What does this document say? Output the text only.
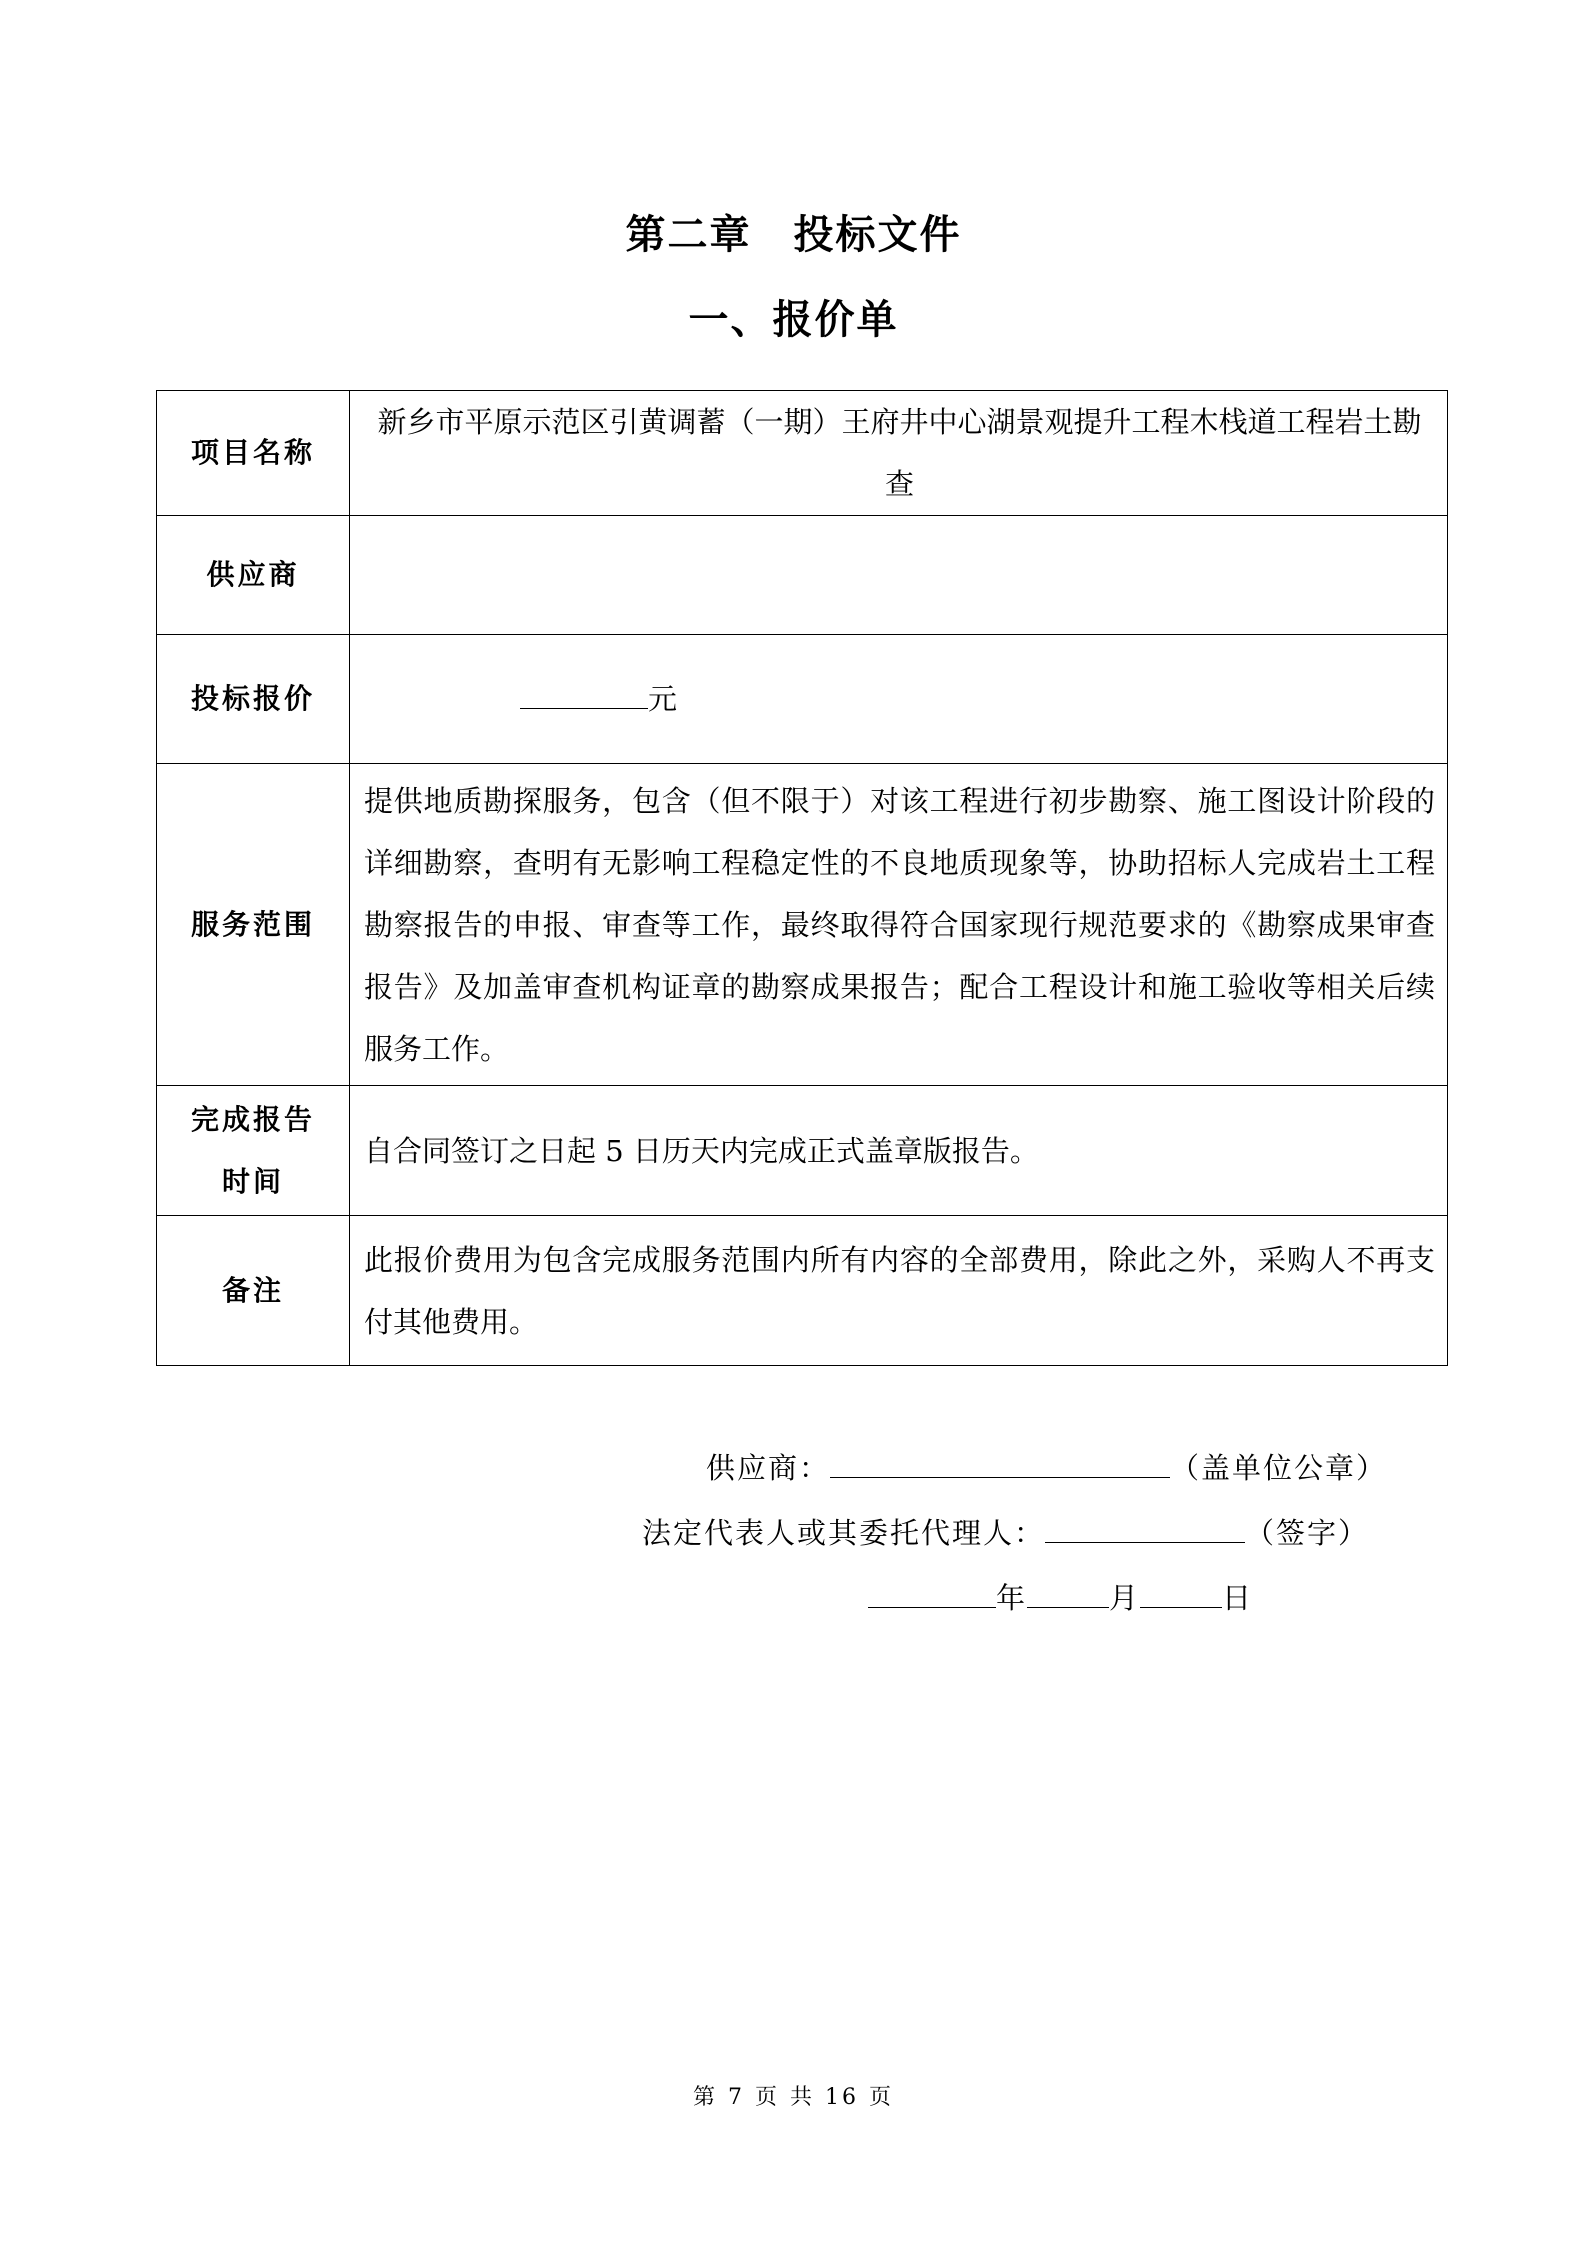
第二章　投标文件
一、报价单
项目名称	新乡市平原示范区引黄调蓄（一期）王府井中心湖景观提升工程木栈道工程岩土勘查
供应商	
投标报价	元
服务范围	提供地质勘探服务，包含（但不限于）对该工程进行初步勘察、施工图设计阶段的详细勘察，查明有无影响工程稳定性的不良地质现象等，协助招标人完成岩土工程勘察报告的申报、审查等工作，最终取得符合国家现行规范要求的《勘察成果审查报告》及加盖审查机构证章的勘察成果报告；配合工程设计和施工验收等相关后续服务工作。

完成报告
时间	自合同签订之日起 5 日历天内完成正式盖章版报告。
备注	此报价费用为包含完成服务范围内所有内容的全部费用，除此之外，采购人不再支付其他费用。
供应商：	（盖单位公章）
法定代表人或其委托代理人：	（签字）
年	月	日
第 7 页 共 16 页
